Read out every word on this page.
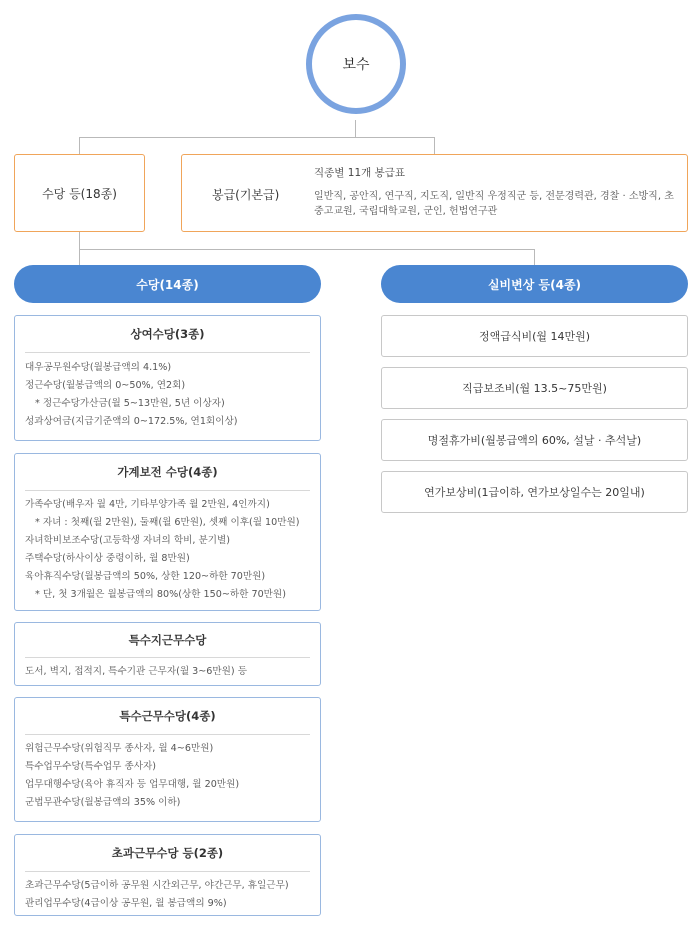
보수
수당 등(18종)	봉급(기본급)
직종별 11개 봉급표
일반직, 공안직, 연구직, 지도직, 일반직 우정직군 등, 전문경력관, 경찰 · 소방직, 초중고교원, 국립대학교원, 군인, 헌법연구관
수당(14종)	실비변상 등(4종)
상여수당(3종)
대우공무원수당(월봉급액의 4.1%)
정근수당(월봉급액의 0~50%, 연2회)
* 정근수당가산금(월 5~13만원, 5년 이상자)
성과상여금(지급기준액의 0~172.5%, 연1회이상)
가계보전 수당(4종)
가족수당(배우자 월 4만, 기타부양가족 월 2만원, 4인까지)
* 자녀 : 첫째(월 2만원), 둘째(월 6만원), 셋째 이후(월 10만원)
자녀학비보조수당(고등학생 자녀의 학비, 분기별)
주택수당(하사이상 중령이하, 월 8만원)
육아휴직수당(월봉급액의 50%, 상한 120~하한 70만원)
* 단, 첫 3개월은 월봉급액의 80%(상한 150~하한 70만원)
특수지근무수당
도서, 벽지, 접적지, 특수기관 근무자(월 3~6만원) 등
특수근무수당(4종)
위험근무수당(위험직무 종사자, 월 4~6만원)
특수업무수당(특수업무 종사자)
업무대행수당(육아 휴직자 등 업무대행, 월 20만원)
군법무관수당(월봉급액의 35% 이하)
초과근무수당 등(2종)
초과근무수당(5급이하 공무원 시간외근무, 야간근무, 휴일근무)
관리업무수당(4급이상 공무원, 월 봉급액의 9%)
정액급식비(월 14만원)
직급보조비(월 13.5~75만원)
명절휴가비(월봉급액의 60%, 설날 · 추석날)
연가보상비(1급이하, 연가보상일수는 20일내)
